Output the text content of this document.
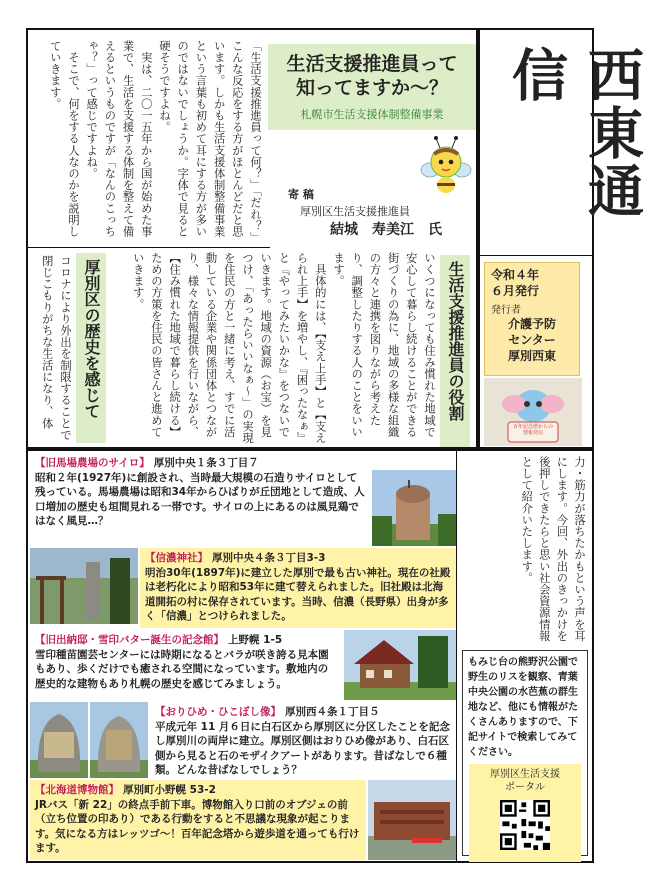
西東通信
令和４年
６月発行
発行者
介護予防
センター
厚別西東
百年記念塔からの
情報発信
生活支援推進員って
知ってますか～？
札幌市生活支援体制整備事業
寄 稿
厚別区生活支援推進員
結城　寿美江　氏
「生活支援推進員って何？」「だれ？」こんな反応をする方がほとんどだと思います。しかも生活支援体制整備事業という言葉も初めて耳にする方が多いのではないでしょうか。字体で見ると硬そうですよね。
　実は、二〇一五年から国が始めた事業で、生活を支援する体制を整えて備えるというものですが「なんのこっちゃ？」って感じですよね。
　そこで、何をする人なのかを説明していきます。
生活支援推進員の役割
いくつになっても住み慣れた地域で安心して暮らし続けることができる街づくりの為に、地域の多様な組織の方々と連携を図りながら考えたり、調整したりする人のことをいいます。
　具体的には、【支え上手】と【支えられ上手】を増やし、『困ったなぁ』と『やってみたいかな』をつないでいきます。地域の資源（お宝）を見つけ、「あったらいいなぁ～」の実現を住民の方と一緒に考え、すでに活動している企業や関係団体とつながり、様々な情報提供を行いながら、【住み慣れた地域で暮らし続ける】ための方策を住民の皆さんと進めていきます。
厚別区の歴史を感じて
コロナにより外出を制限することで閉じこもりがちな生活になり、体
力・筋力が落ちたかもという声を耳にします。今回、外出のきっかけを後押しできたらと思い社会資源情報として紹介いたします。
もみじ台の熊野沢公園で野生のリスを観察、青葉中央公園の水芭蕉の群生地など、他にも情報がたくさんありますので、下記サイトで検索してみてください。
厚別区生活支援
ポータル
【旧馬場農場のサイロ】 厚別中央１条３丁目７
昭和２年(1927年)に創設され、当時最大規模の石造りサイロとして残っている。馬場農場は昭和34年からひばりが丘団地として造成、人口増加の歴史も垣間見れる一帯です。サイロの上にあるのは風見鶏ではなく風見…？
【信濃神社】 厚別中央４条３丁目3-3
明治30年(1897年)に建立した厚別で最も古い神社。現在の社殿は老朽化により昭和53年に建て替えられました。旧社殿は北海道開拓の村に保存されています。当時、信濃（長野県）出身が多く「信濃」とつけられました。
【旧出納邸・雪印バター誕生の記念館】 上野幌 1-5
雪印種苗園芸センターには時期になるとバラが咲き誇る見本園もあり、歩くだけでも癒される空間になっています。敷地内の歴史的な建物もあり札幌の歴史を感じてみましょう。
【おりひめ・ひこぼし像】 厚別西４条１丁目５
平成元年 11 月６日に白石区から厚別区に分区したことを記念し厚別川の両岸に建立。厚別区側はおりひめ像があり、白石区側から見ると石のモザイクアートがあります。昔ばなしで６種類。どんな昔ばなしでしょう？
【北海道博物館】 厚別町小野幌 53-2
JRバス「新 22」の終点手前下車。博物館入り口前のオブジェの前（立ち位置の印あり）である行動をすると不思議な現象が起こります。気になる方はレッツゴ～！百年記念塔から遊歩道を通っても行けます。
